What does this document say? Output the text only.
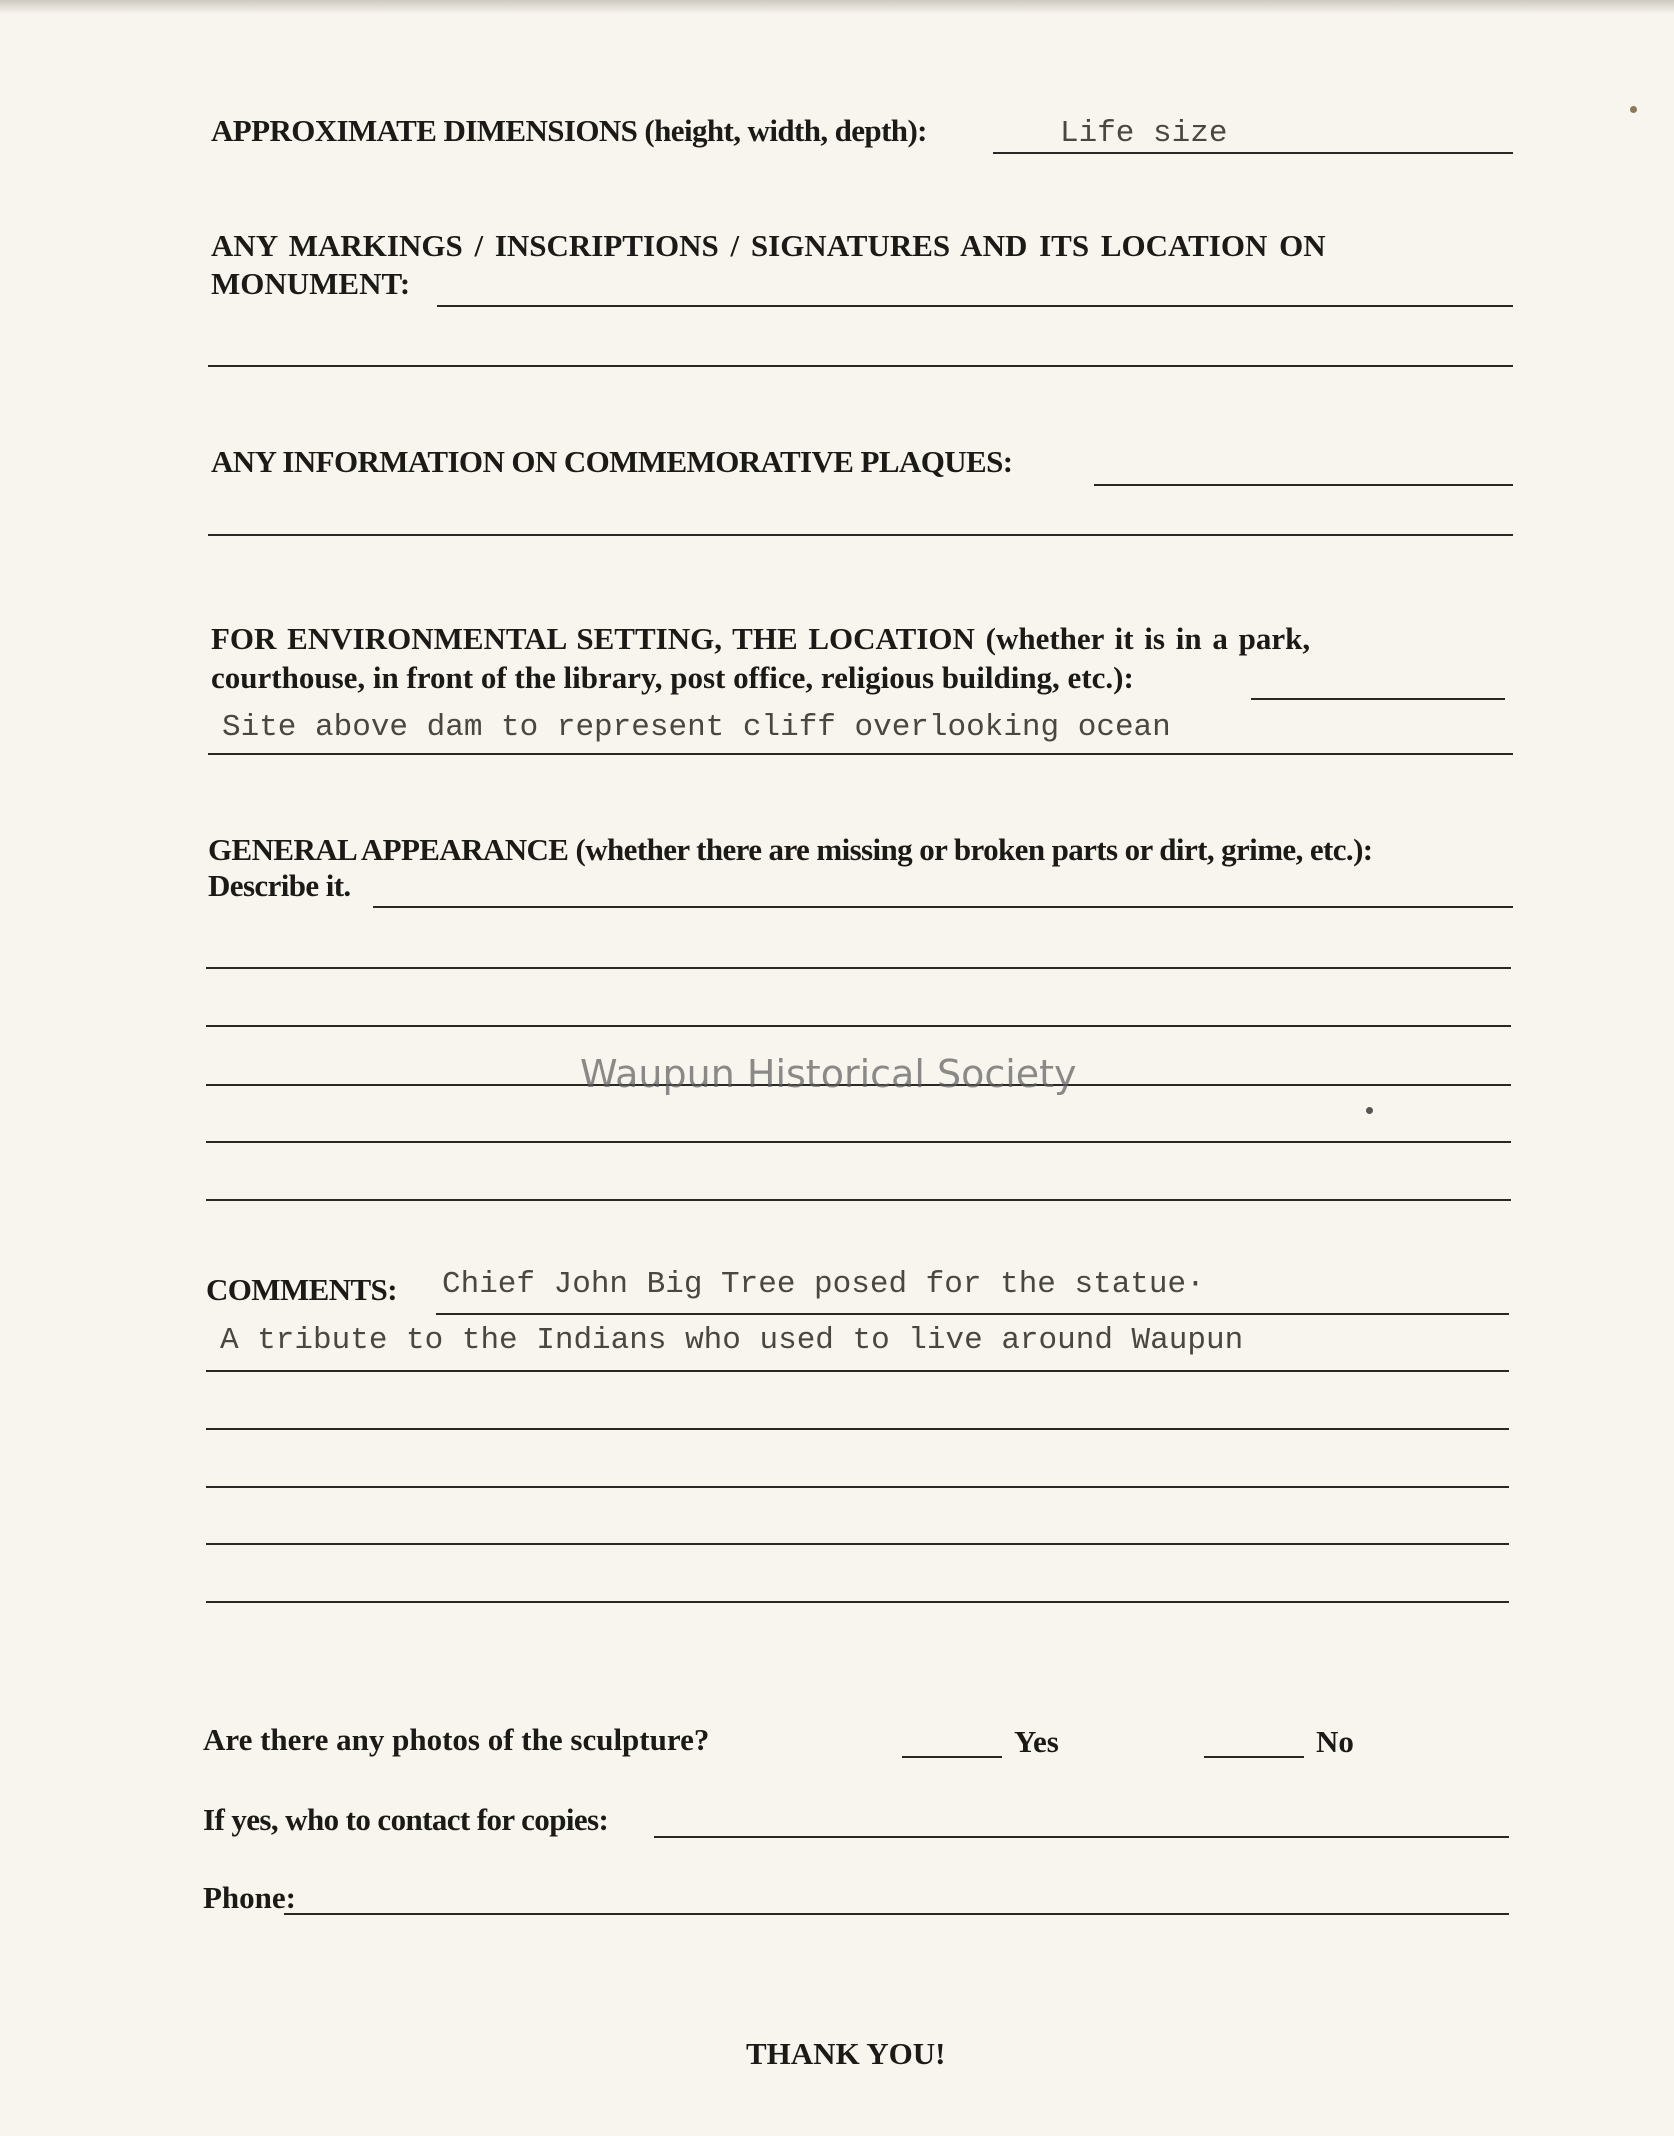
APPROXIMATE DIMENSIONS (height, width, depth):	Life size
ANY MARKINGS / INSCRIPTIONS / SIGNATURES AND ITS LOCATION ON
MONUMENT:
ANY INFORMATION ON COMMEMORATIVE PLAQUES:
FOR ENVIRONMENTAL SETTING, THE LOCATION (whether it is in a park,
courthouse, in front of the library, post office, religious building, etc.):
Site above dam to represent cliff overlooking ocean
GENERAL APPEARANCE (whether there are missing or broken parts or dirt, grime, etc.):
Describe it.
Waupun Historical Society
COMMENTS: Chief John Big Tree posed for the statue·
A tribute to the Indians who used to live around Waupun
Are there any photos of the sculpture?	Yes	No
If yes, who to contact for copies:
Phone:
THANK YOU!
